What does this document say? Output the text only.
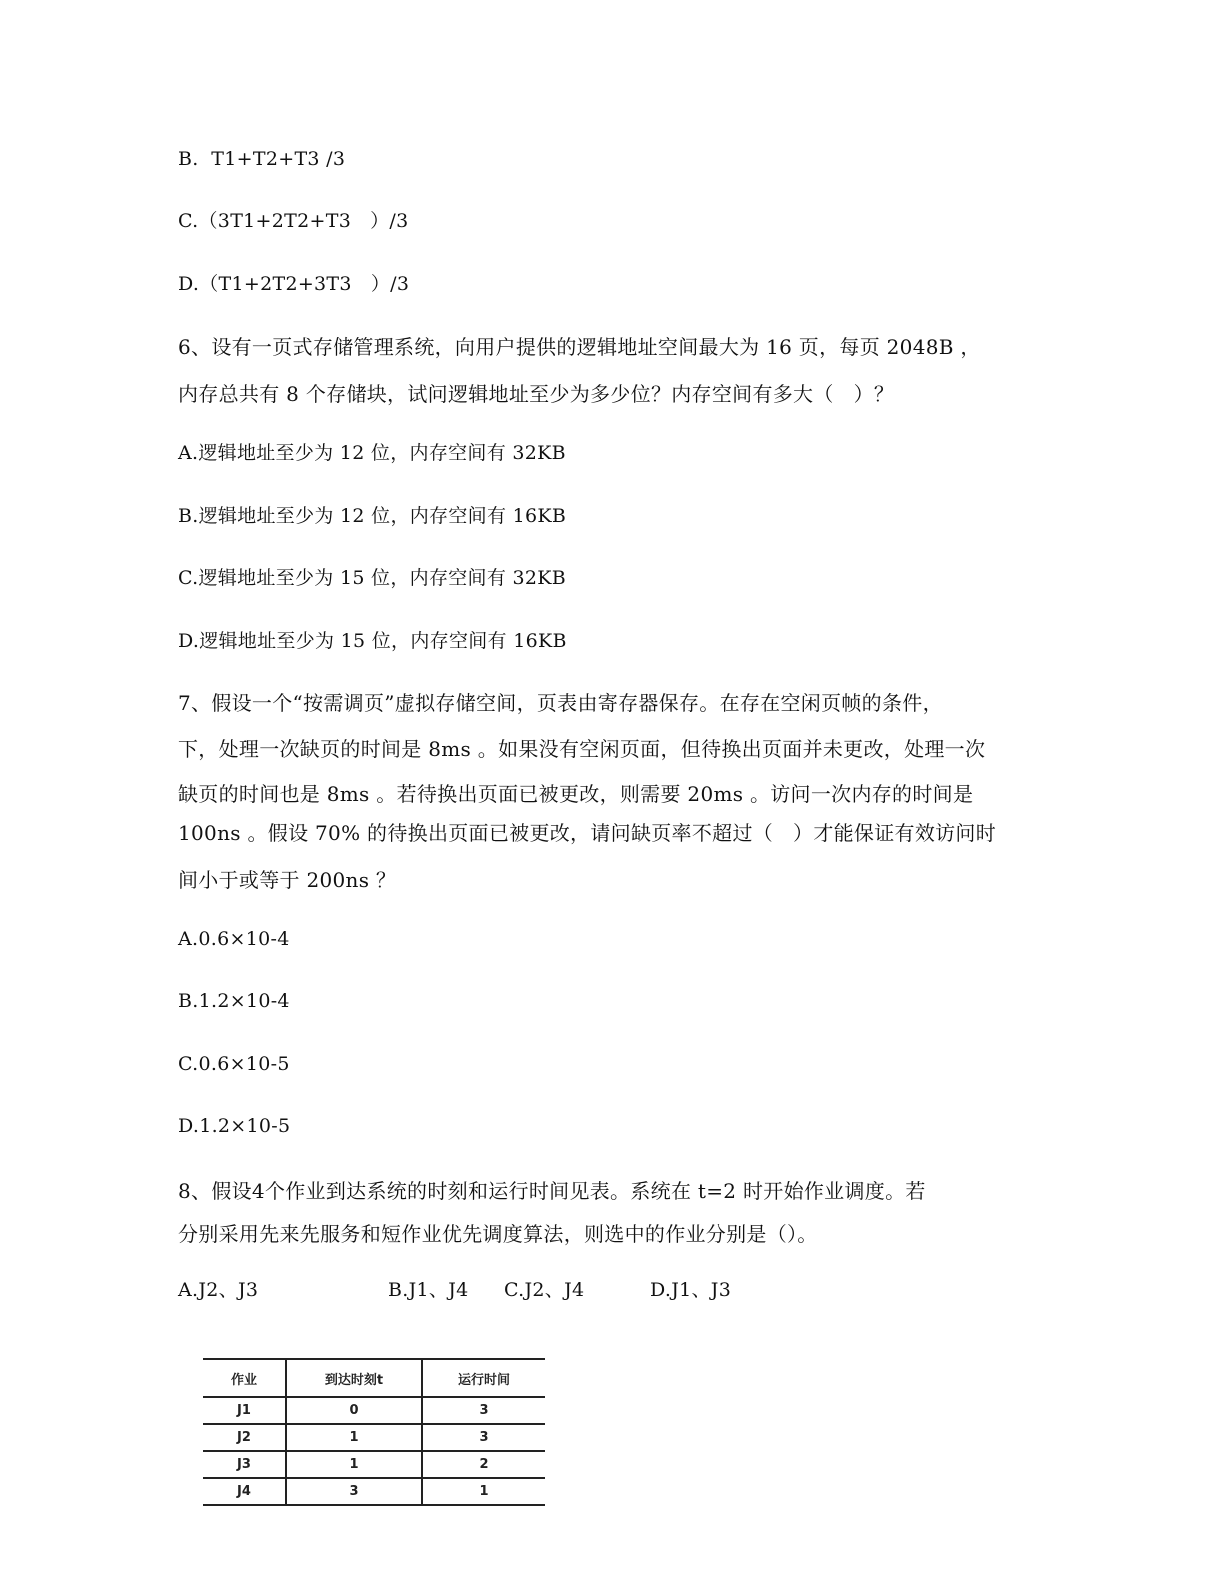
B.  T1+T2+T3 /3
C.（3T1+2T2+T3   ）/3
D.（T1+2T2+3T3   ）/3
6、设有一页式存储管理系统，向用户提供的逻辑地址空间最大为 16 页，每页 2048B ，
内存总共有 8 个存储块，试问逻辑地址至少为多少位？内存空间有多大（   ）？
A.逻辑地址至少为 12 位，内存空间有 32KB
B.逻辑地址至少为 12 位，内存空间有 16KB
C.逻辑地址至少为 15 位，内存空间有 32KB
D.逻辑地址至少为 15 位，内存空间有 16KB
7、假设一个“按需调页”虚拟存储空间，页表由寄存器保存。在存在空闲页帧的条件，
下，处理一次缺页的时间是 8ms 。如果没有空闲页面，但待换出页面并未更改，处理一次
缺页的时间也是 8ms 。若待换出页面已被更改，则需要 20ms 。访问一次内存的时间是
100ns 。假设 70% 的待换出页面已被更改，请问缺页率不超过（   ）才能保证有效访问时
间小于或等于 200ns ？
A.0.6×10-4
B.1.2×10-4
C.0.6×10-5
D.1.2×10-5
8、假设4个作业到达系统的时刻和运行时间见表。系统在 t=2 时开始作业调度。若
分别采用先来先服务和短作业优先调度算法，则选中的作业分别是（）。
A.J2、J3	B.J1、J4 C.J2、J4	D.J1、J3
作业	到达时刻t	运行时间
J1	0	3
J2	1	3
J3	1	2
J4	3	1
